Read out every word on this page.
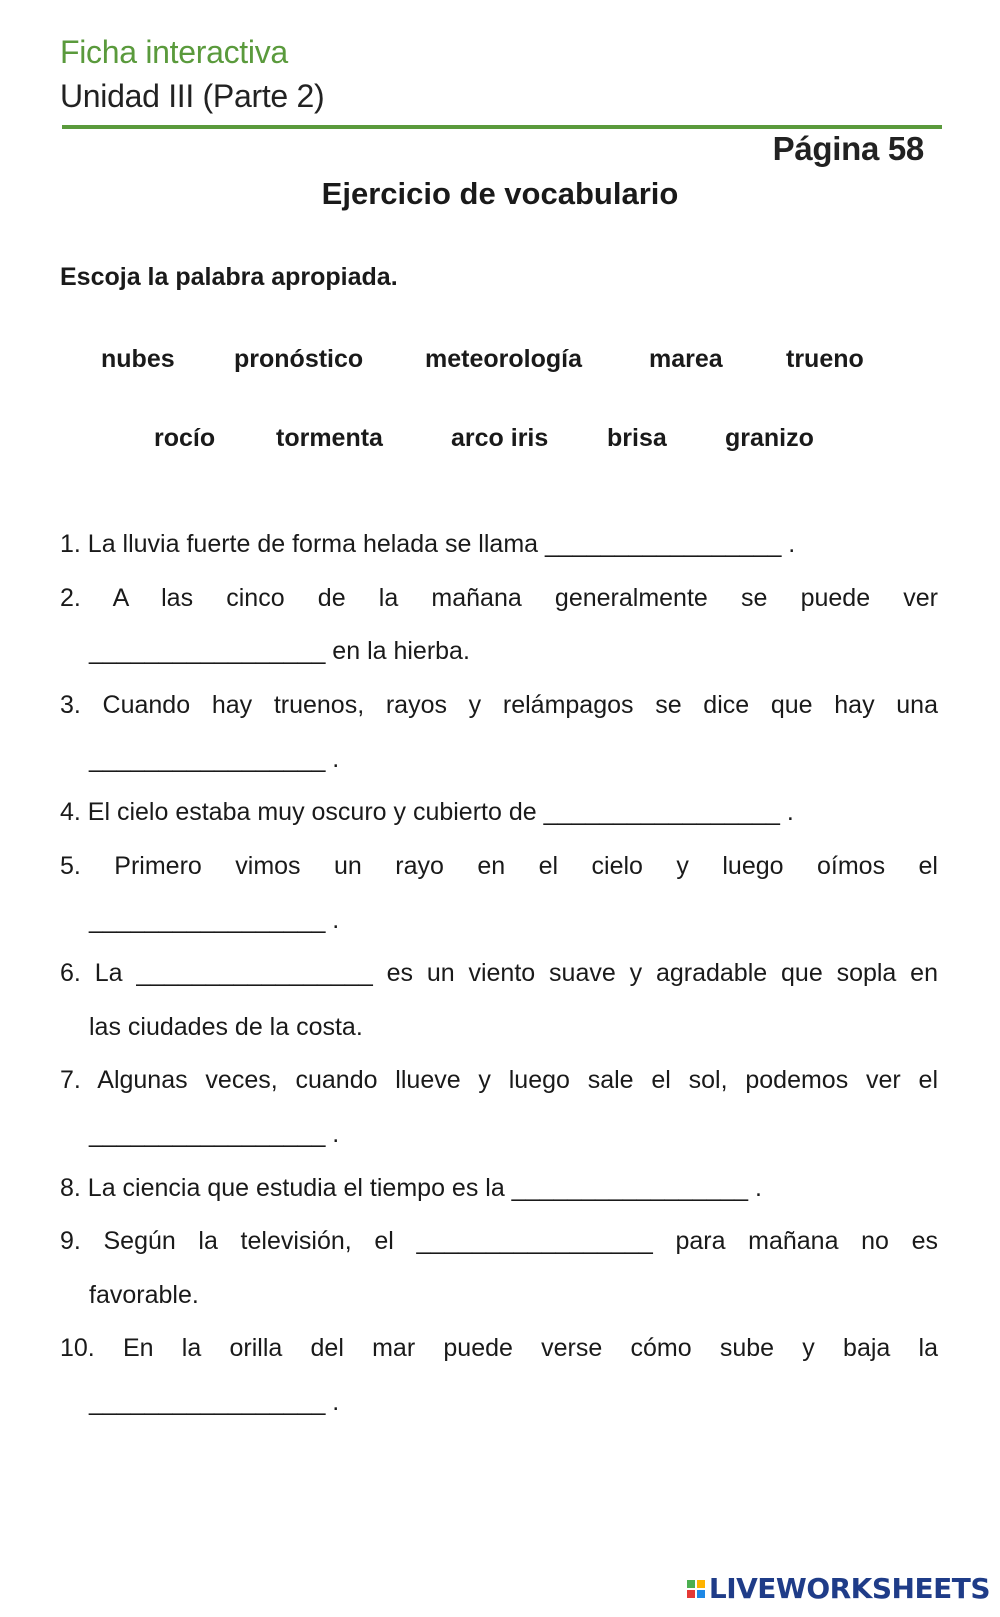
Ficha interactiva
Unidad III (Parte 2)
Página 58
Ejercicio de vocabulario
Escoja la palabra apropiada.
nubes pronóstico meteorología	marea	trueno
rocío tormenta	arco iris brisa granizo
1. La lluvia fuerte de forma helada se llama _________________ .
2. A las cinco de la mañana generalmente se puede ver
_________________ en la hierba.
3. Cuando hay truenos, rayos y relámpagos se dice que hay una
_________________ .
4. El cielo estaba muy oscuro y cubierto de _________________ .
5. Primero vimos un rayo en el cielo y luego oímos el
_________________ .
6. La _________________ es un viento suave y agradable que sopla en
las ciudades de la costa.
7. Algunas veces, cuando llueve y luego sale el sol, podemos ver el
_________________ .
8. La ciencia que estudia el tiempo es la _________________ .
9. Según la televisión, el _________________ para mañana no es
favorable.
10. En la orilla del mar puede verse cómo sube y baja la
_________________ .
LIVEWORKSHEETS
